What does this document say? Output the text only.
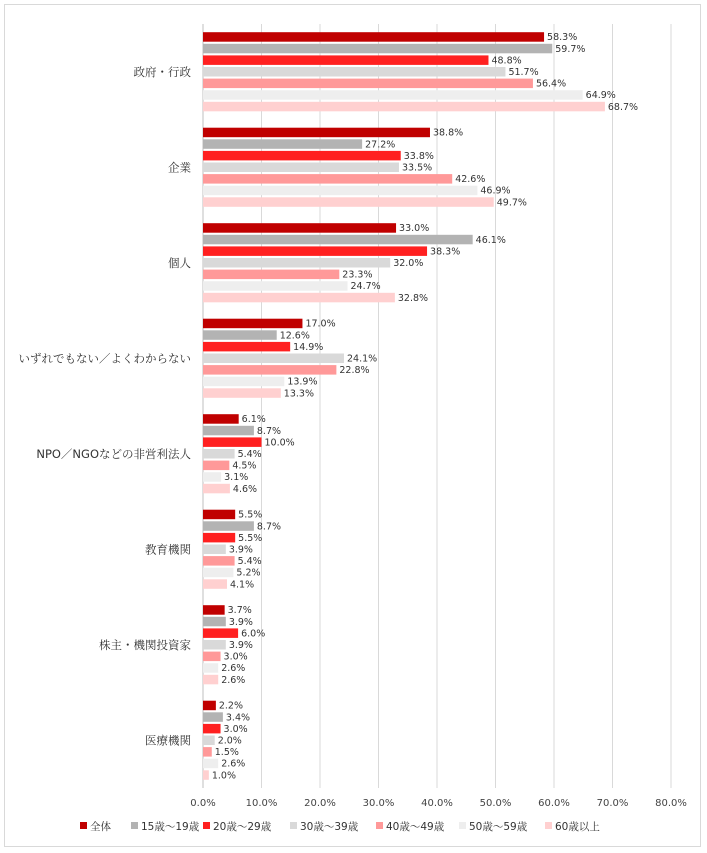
0.0%	10.0%	20.0%	30.0%	40.0%	50.0%	60.0%	70.0%	80.0%
政府・行政
58.3%
59.7%
48.8%
51.7%
56.4%
64.9%
68.7%
企業
38.8%
27.2%
33.8%
33.5%
42.6%
46.9%
49.7%
個人
33.0%
46.1%
38.3%
32.0%
23.3%
24.7%
32.8%
いずれでもない／よくわからない
17.0%
12.6%
14.9%
24.1%
22.8%
13.9%
13.3%
NPO／NGOなどの非営利法人
6.1%
8.7%
10.0%
5.4%
4.5%
3.1%
4.6%
教育機関
5.5%
8.7%
5.5%
3.9%
5.4%
5.2%
4.1%
株主・機関投資家
3.7%
3.9%
6.0%
3.9%
3.0%
2.6%
2.6%
医療機関
2.2%
3.4%
3.0%
2.0%
1.5%
2.6%
1.0%
全体	15歳～19歳 20歳～29歳	30歳～39歳	40歳～49歳 50歳～59歳	60歳以上
